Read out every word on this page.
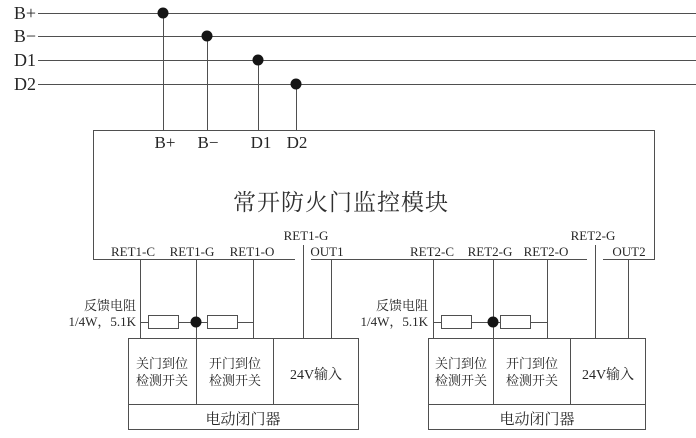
B+
B−
D1
D2
B+ B− D1 D2
常开防火门监控模块
RET1-G	RET2-G
RET1-C RET1-G RET1-O	OUT1	RET2-C RET2-G RET2-O	OUT2
反馈电阻
1/4W，5.1K
反馈电阻
1/4W，5.1K
关门到位
检测开关
开门到位
检测开关 24V输入
电动闭门器
关门到位
检测开关
开门到位
检测开关 24V输入
电动闭门器
